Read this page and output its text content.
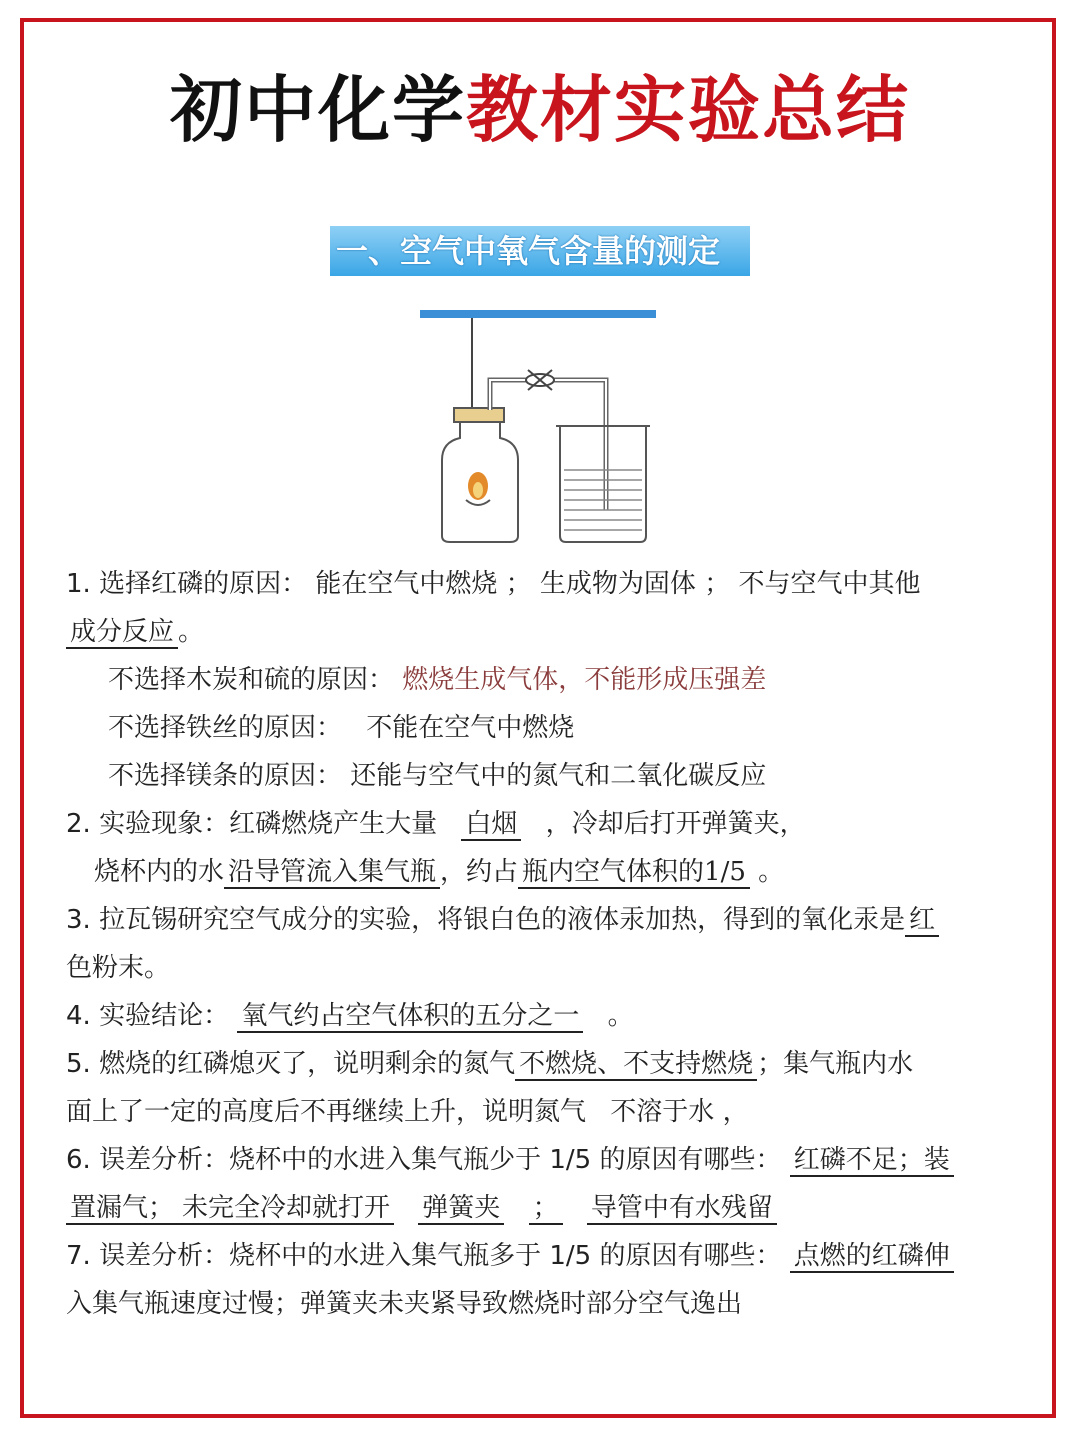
初中化学教材实验总结
一、空气中氧气含量的测定
1. 选择红磷的原因： 能在空气中燃烧 ； 生成物为固体 ； 不与空气中其他
成分反应 。
不选择木炭和硫的原因： 燃烧生成气体，不能形成压强差
不选择铁丝的原因： 不能在空气中燃烧
不选择镁条的原因： 还能与空气中的氮气和二氧化碳反应
2. 实验现象：红磷燃烧产生大量 白烟 ，冷却后打开弹簧夹，
烧杯内的水 沿导管流入集气瓶 ，约占 瓶内空气体积的1/5 。
3. 拉瓦锡研究空气成分的实验，将银白色的液体汞加热，得到的氧化汞是 红
色粉末。
4. 实验结论： 氧气约占空气体积的五分之一 。
5. 燃烧的红磷熄灭了，说明剩余的氮气 不燃烧、不支持燃烧 ；集气瓶内水
面上了一定的高度后不再继续上升，说明氮气 不溶于水 ，
6. 误差分析：烧杯中的水进入集气瓶少于 1/5 的原因有哪些： 红磷不足；装
置漏气； 未完全冷却就打开 弹簧夹 ； 导管中有水残留
7. 误差分析：烧杯中的水进入集气瓶多于 1/5 的原因有哪些： 点燃的红磷伸
入集气瓶速度过慢；弹簧夹未夹紧导致燃烧时部分空气逸出
